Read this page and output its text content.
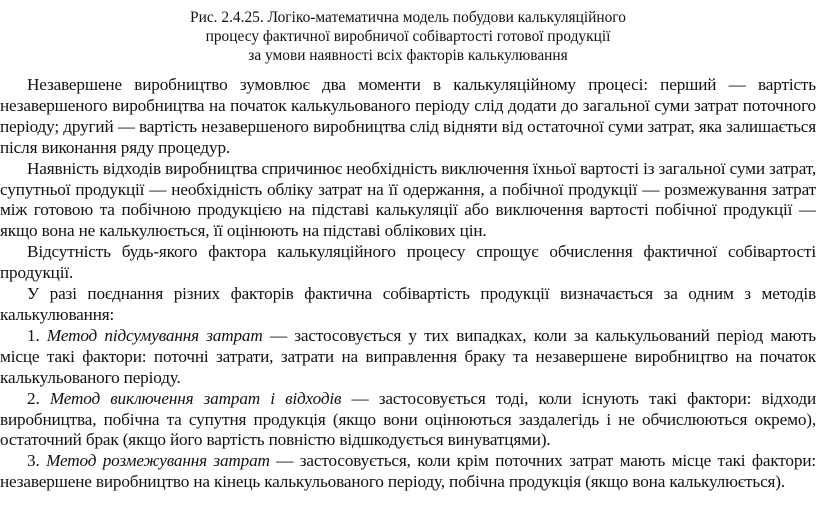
Рис. 2.4.25. Логіко-математична модель побудови калькуляційного
процесу фактичної виробничої собівартості готової продукції
за умови наявності всіх факторів калькулювання

Незавершене виробництво зумовлює два моменти в калькуляційному процесі: перший — вартість незавершеного виробництва на початок калькульованого періоду слід додати до загальної суми затрат поточного періоду; другий — вартість незавершеного виробництва слід відняти від остаточної суми затрат, яка залишається після виконання ряду процедур.

Наявність відходів виробництва спричинює необхідність виключення їхньої вартості із загальної суми затрат, супутньої продукції — необхідність обліку затрат на її одержання, а побічної продукції — розмежування затрат між готовою та побічною продукцією на підставі калькуляції або виключення вартості побічної продукції — якщо вона не калькулюється, її оцінюють на підставі облікових цін.

Відсутність будь-якого фактора калькуляційного процесу спрощує обчислення фактичної собівартості продукції.

У разі поєднання різних факторів фактична собівартість продукції визначається за одним з методів калькулювання:

1. Метод підсумування затрат — застосовується у тих випадках, коли за калькульований період мають місце такі фактори: поточні затрати, затрати на виправлення браку та незавершене виробництво на початок калькульованого періоду.

2. Метод виключення затрат і відходів — застосовується тоді, коли існують такі фактори: відходи виробництва, побічна та супутня продукція (якщо вони оцінюються заздалегідь і не обчислюються окремо), остаточний брак (якщо його вартість повністю відшкодується винуватцями).

3. Метод розмежування затрат — застосовується, коли крім поточних затрат мають місце такі фактори: незавершене виробництво на кінець калькульованого періоду, побічна продукція (якщо вона калькулюється).
